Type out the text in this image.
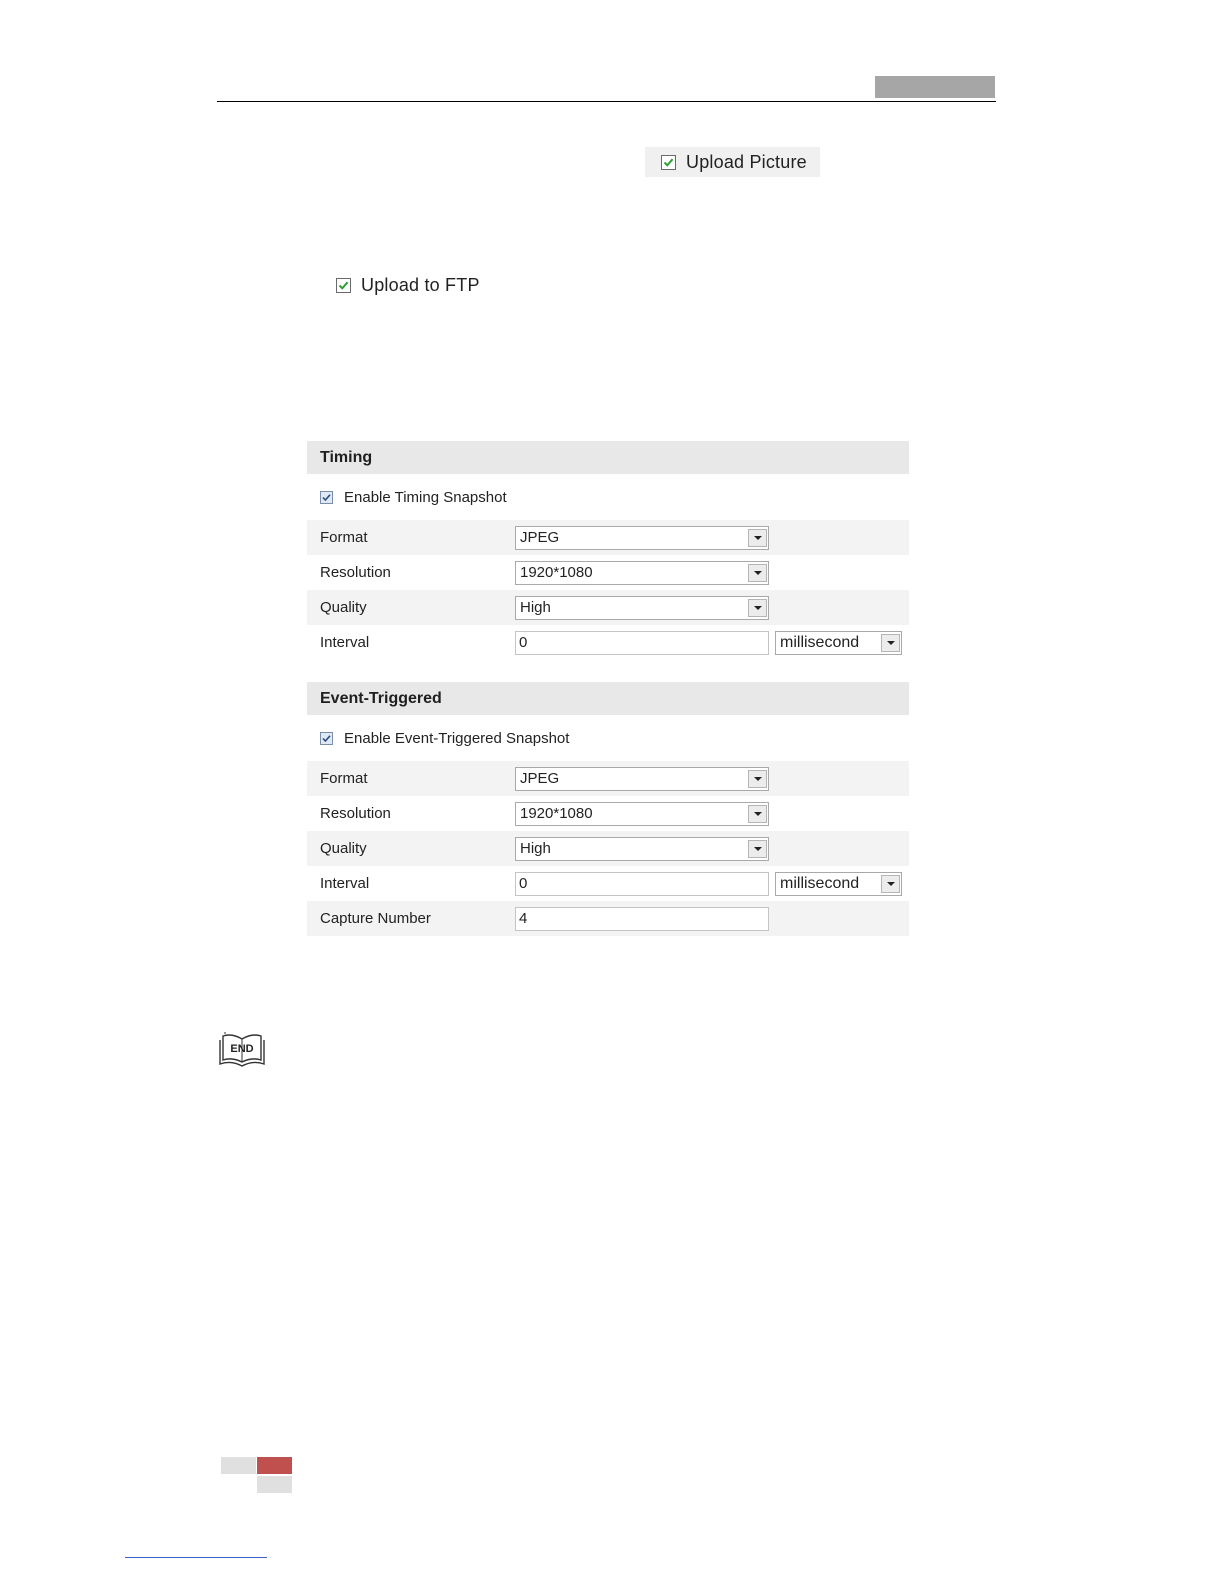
Upload Picture
Upload to FTP
Timing
Enable Timing Snapshot
Format	JPEG
Resolution	1920*1080
Quality	High
Interval	0	millisecond
Event-Triggered
Enable Event-Triggered Snapshot
Format	JPEG
Resolution	1920*1080
Quality	High
Interval	0	millisecond
Capture Number	4
END
